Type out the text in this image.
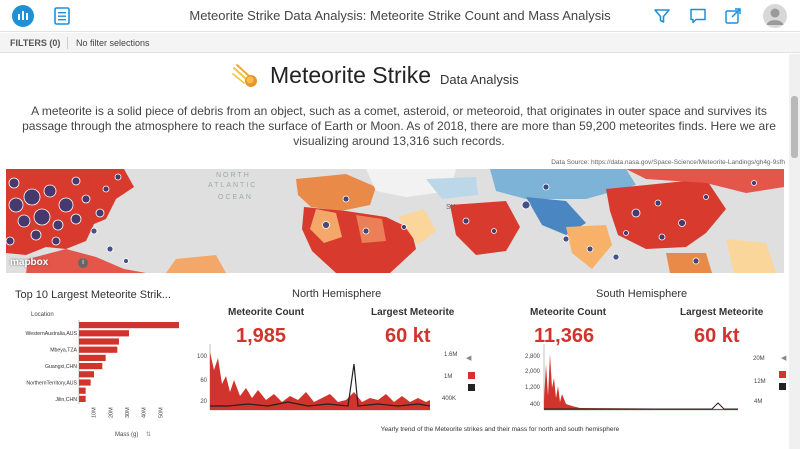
Meteorite Strike Data Analysis: Meteorite Strike Count and Mass Analysis
FILTERS (0) No filter selections
Meteorite Strike Data Analysis
A meteorite is a solid piece of debris from an object, such as a comet, asteroid, or meteoroid, that originates in outer space and survives its passage through the atmosphere to reach the surface of Earth or Moon. As of 2018, there are more than 59,200 meteorites finds. Here we are visualizing around 13,316 such records.
Data Source: https://data.nasa.gov/Space-Science/Meteorite-Landings/gh4g-9sfh
NORTH
ATLANTIC
OCEAN
SY
mapbox	i
Top 10 Largest Meteorite Strik...
Location
Mass (g) ⇅
WesternAustralia,AUS
Mbeya,TZA
Guangxi,CHN
NorthernTerritory,AUS
Jilin,CHN
10M 20M 30M 40M 50M
North Hemisphere
Meteorite Count	Largest Meteorite
1,985	60 kt
100
60
20
1.6M
1M
400K
◀
South Hemisphere
Meteorite Count	Largest Meteorite
11,366	60 kt
2,800
2,000
1,200
400
20M
12M
4M
◀
Yearly trend of the Meteorite strikes and their mass for north and south hemisphere
